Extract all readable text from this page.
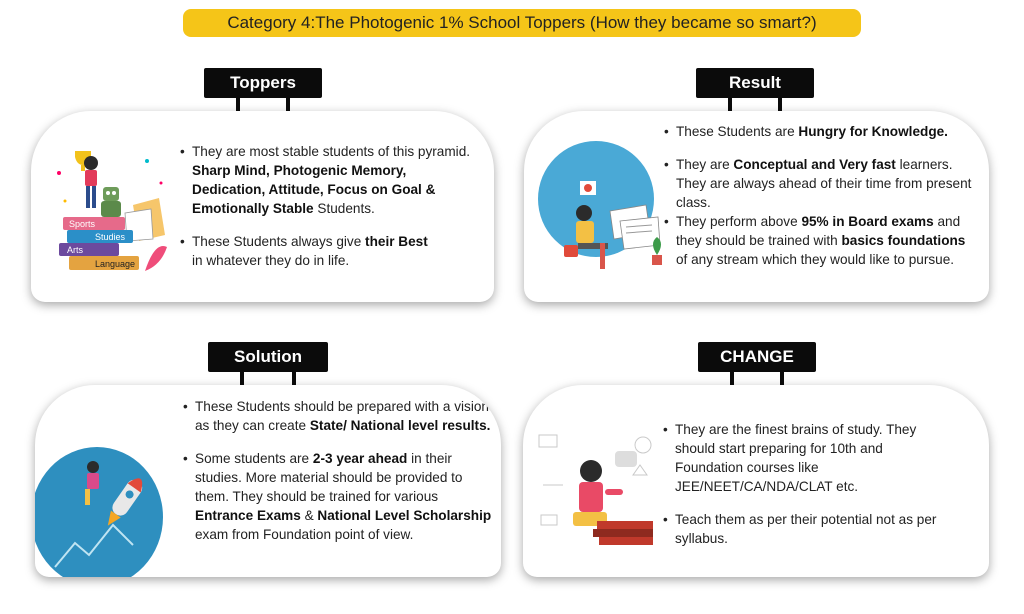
Category 4:The Photogenic 1% School Toppers (How they became so smart?)
Toppers
Sports
Studies
Arts
Language
• They are most stable students of this pyramid. Sharp Mind, Photogenic Memory, Dedication, Attitude, Focus on Goal & Emotionally Stable Students.
• These Students always give their Best in whatever they do in life.
Result
• These Students are Hungry for Knowledge.
• They are Conceptual and Very fast learners. They are always ahead of their time from present class.
• They perform above 95% in Board exams and they should be trained with basics foundations of any stream which they would like to pursue.
Solution
• These Students should be prepared with a vision as they can create State/ National level results.
• Some students are 2-3 year ahead in their studies. More material should be provided to them. They should be trained for various Entrance Exams & National Level Scholarship exam from Foundation point of view.
CHANGE
• They are the finest brains of study. They should start preparing for 10th and Foundation courses like JEE/NEET/CA/NDA/CLAT etc.
• Teach them as per their potential not as per syllabus.
